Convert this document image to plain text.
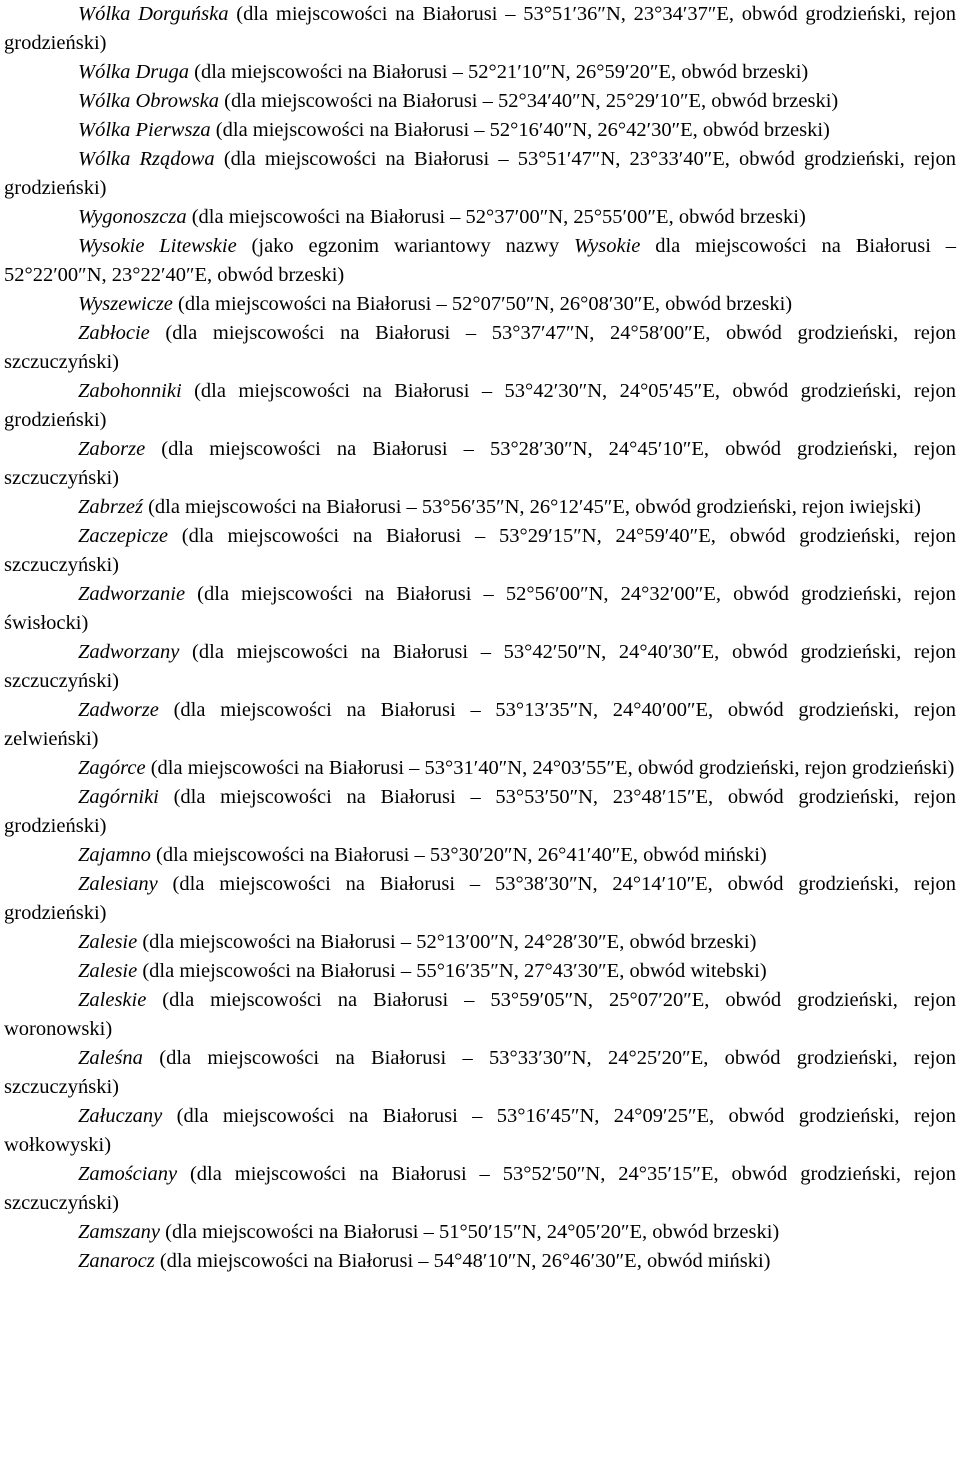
Wólka Dorguńska (dla miejscowości na Białorusi – 53°51′36″N, 23°34′37″E, obwód grodzieński, rejon grodzieński)

Wólka Druga (dla miejscowości na Białorusi – 52°21′10″N, 26°59′20″E, obwód brzeski)

Wólka Obrowska (dla miejscowości na Białorusi – 52°34′40″N, 25°29′10″E, obwód brzeski)

Wólka Pierwsza (dla miejscowości na Białorusi – 52°16′40″N, 26°42′30″E, obwód brzeski)

Wólka Rządowa (dla miejscowości na Białorusi – 53°51′47″N, 23°33′40″E, obwód grodzieński, rejon grodzieński)

Wygonoszcza (dla miejscowości na Białorusi – 52°37′00″N, 25°55′00″E, obwód brzeski)

Wysokie Litewskie (jako egzonim wariantowy nazwy Wysokie dla miejscowości na Białorusi – 52°22′00″N, 23°22′40″E, obwód brzeski)

Wyszewicze (dla miejscowości na Białorusi – 52°07′50″N, 26°08′30″E, obwód brzeski)

Zabłocie (dla miejscowości na Białorusi – 53°37′47″N, 24°58′00″E, obwód grodzieński, rejon szczuczyński)

Zabohonniki (dla miejscowości na Białorusi – 53°42′30″N, 24°05′45″E, obwód grodzieński, rejon grodzieński)

Zaborze (dla miejscowości na Białorusi – 53°28′30″N, 24°45′10″E, obwód grodzieński, rejon szczuczyński)

Zabrzeź (dla miejscowości na Białorusi – 53°56′35″N, 26°12′45″E, obwód grodzieński, rejon iwiejski)

Zaczepicze (dla miejscowości na Białorusi – 53°29′15″N, 24°59′40″E, obwód grodzieński, rejon szczuczyński)

Zadworzanie (dla miejscowości na Białorusi – 52°56′00″N, 24°32′00″E, obwód grodzieński, rejon świsłocki)

Zadworzany (dla miejscowości na Białorusi – 53°42′50″N, 24°40′30″E, obwód grodzieński, rejon szczuczyński)

Zadworze (dla miejscowości na Białorusi – 53°13′35″N, 24°40′00″E, obwód grodzieński, rejon zelwieński)

Zagórce (dla miejscowości na Białorusi – 53°31′40″N, 24°03′55″E, obwód grodzieński, rejon grodzieński)

Zagórniki (dla miejscowości na Białorusi – 53°53′50″N, 23°48′15″E, obwód grodzieński, rejon grodzieński)

Zajamno (dla miejscowości na Białorusi – 53°30′20″N, 26°41′40″E, obwód miński)

Zalesiany (dla miejscowości na Białorusi – 53°38′30″N, 24°14′10″E, obwód grodzieński, rejon grodzieński)

Zalesie (dla miejscowości na Białorusi – 52°13′00″N, 24°28′30″E, obwód brzeski)

Zalesie (dla miejscowości na Białorusi – 55°16′35″N, 27°43′30″E, obwód witebski)

Zaleskie (dla miejscowości na Białorusi – 53°59′05″N, 25°07′20″E, obwód grodzieński, rejon woronowski)

Zaleśna (dla miejscowości na Białorusi – 53°33′30″N, 24°25′20″E, obwód grodzieński, rejon szczuczyński)

Załuczany (dla miejscowości na Białorusi – 53°16′45″N, 24°09′25″E, obwód grodzieński, rejon wołkowyski)

Zamościany (dla miejscowości na Białorusi – 53°52′50″N, 24°35′15″E, obwód grodzieński, rejon szczuczyński)

Zamszany (dla miejscowości na Białorusi – 51°50′15″N, 24°05′20″E, obwód brzeski)

Zanarocz (dla miejscowości na Białorusi – 54°48′10″N, 26°46′30″E, obwód miński)
